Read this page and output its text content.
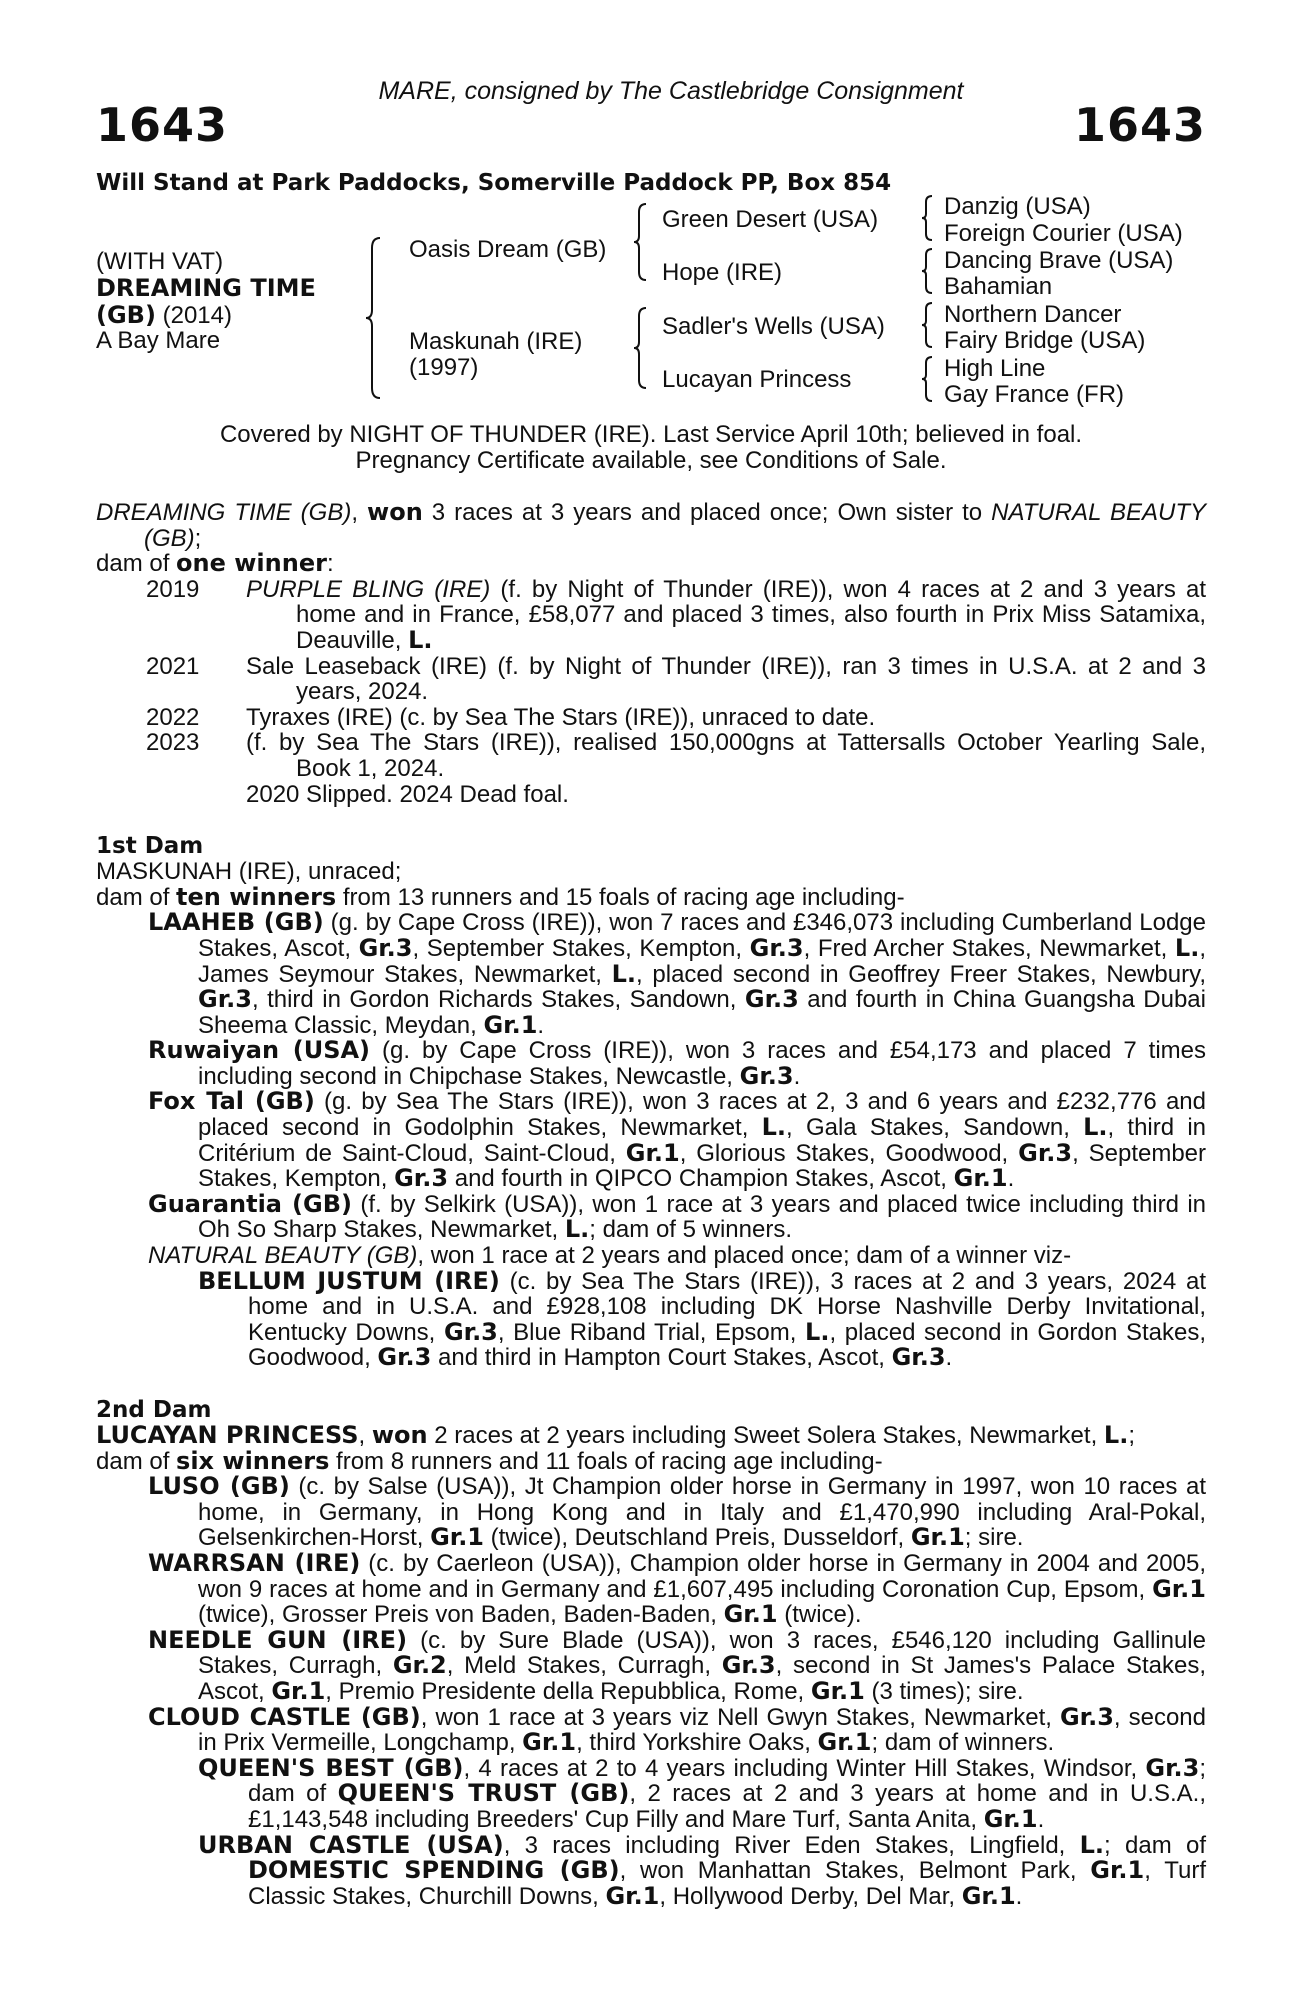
MARE, consigned by The Castlebridge Consignment
1643	1643
Will Stand at Park Paddocks, Somerville Paddock PP, Box 854
(WITH VAT)
DREAMING TIME
(GB) (2014)
A Bay Mare
Oasis Dream (GB)
Maskunah (IRE)
(1997)
Green Desert (USA)
Hope (IRE)
Sadler's Wells (USA)
Lucayan Princess
Danzig (USA)
Foreign Courier (USA)
Dancing Brave (USA)
Bahamian
Northern Dancer
Fairy Bridge (USA)
High Line
Gay France (FR)
Covered by NIGHT OF THUNDER (IRE). Last Service April 10th; believed in foal.
Pregnancy Certificate available, see Conditions of Sale.

DREAMING TIME (GB), won 3 races at 3 years and placed once; Own sister to NATURAL BEAUTY (GB);

dam of one winner:

2019	PURPLE BLING (IRE) (f. by Night of Thunder (IRE)), won 4 races at 2 and 3 years at home and in France, £58,077 and placed 3 times, also fourth in Prix Miss Satamixa, Deauville, L.
2021	Sale Leaseback (IRE) (f. by Night of Thunder (IRE)), ran 3 times in U.S.A. at 2 and 3 years, 2024.
2022	Tyraxes (IRE) (c. by Sea The Stars (IRE)), unraced to date.
2023	(f. by Sea The Stars (IRE)), realised 150,000gns at Tattersalls October Yearling Sale, Book 1, 2024.
2020 Slipped. 2024 Dead foal.
1st Dam

MASKUNAH (IRE), unraced;

dam of ten winners from 13 runners and 15 foals of racing age including-

LAAHEB (GB) (g. by Cape Cross (IRE)), won 7 races and £346,073 including Cumberland Lodge Stakes, Ascot, Gr.3, September Stakes, Kempton, Gr.3, Fred Archer Stakes, Newmarket, L., James Seymour Stakes, Newmarket, L., placed second in Geoffrey Freer Stakes, Newbury, Gr.3, third in Gordon Richards Stakes, Sandown, Gr.3 and fourth in China Guangsha Dubai Sheema Classic, Meydan, Gr.1.

Ruwaiyan (USA) (g. by Cape Cross (IRE)), won 3 races and £54,173 and placed 7 times including second in Chipchase Stakes, Newcastle, Gr.3.

Fox Tal (GB) (g. by Sea The Stars (IRE)), won 3 races at 2, 3 and 6 years and £232,776 and placed second in Godolphin Stakes, Newmarket, L., Gala Stakes, Sandown, L., third in Critérium de Saint-Cloud, Saint-Cloud, Gr.1, Glorious Stakes, Goodwood, Gr.3, September Stakes, Kempton, Gr.3 and fourth in QIPCO Champion Stakes, Ascot, Gr.1.

Guarantia (GB) (f. by Selkirk (USA)), won 1 race at 3 years and placed twice including third in Oh So Sharp Stakes, Newmarket, L.; dam of 5 winners.

NATURAL BEAUTY (GB), won 1 race at 2 years and placed once; dam of a winner viz-

BELLUM JUSTUM (IRE) (c. by Sea The Stars (IRE)), 3 races at 2 and 3 years, 2024 at home and in U.S.A. and £928,108 including DK Horse Nashville Derby Invitational, Kentucky Downs, Gr.3, Blue Riband Trial, Epsom, L., placed second in Gordon Stakes, Goodwood, Gr.3 and third in Hampton Court Stakes, Ascot, Gr.3.

2nd Dam

LUCAYAN PRINCESS, won 2 races at 2 years including Sweet Solera Stakes, Newmarket, L.;

dam of six winners from 8 runners and 11 foals of racing age including-

LUSO (GB) (c. by Salse (USA)), Jt Champion older horse in Germany in 1997, won 10 races at home, in Germany, in Hong Kong and in Italy and £1,470,990 including Aral-Pokal, Gelsenkirchen-Horst, Gr.1 (twice), Deutschland Preis, Dusseldorf, Gr.1; sire.

WARRSAN (IRE) (c. by Caerleon (USA)), Champion older horse in Germany in 2004 and 2005, won 9 races at home and in Germany and £1,607,495 including Coronation Cup, Epsom, Gr.1 (twice), Grosser Preis von Baden, Baden-Baden, Gr.1 (twice).

NEEDLE GUN (IRE) (c. by Sure Blade (USA)), won 3 races, £546,120 including Gallinule Stakes, Curragh, Gr.2, Meld Stakes, Curragh, Gr.3, second in St James's Palace Stakes, Ascot, Gr.1, Premio Presidente della Repubblica, Rome, Gr.1 (3 times); sire.

CLOUD CASTLE (GB), won 1 race at 3 years viz Nell Gwyn Stakes, Newmarket, Gr.3, second in Prix Vermeille, Longchamp, Gr.1, third Yorkshire Oaks, Gr.1; dam of winners.

QUEEN'S BEST (GB), 4 races at 2 to 4 years including Winter Hill Stakes, Windsor, Gr.3; dam of QUEEN'S TRUST (GB), 2 races at 2 and 3 years at home and in U.S.A., £1,143,548 including Breeders' Cup Filly and Mare Turf, Santa Anita, Gr.1.

URBAN CASTLE (USA), 3 races including River Eden Stakes, Lingfield, L.; dam of DOMESTIC SPENDING (GB), won Manhattan Stakes, Belmont Park, Gr.1, Turf Classic Stakes, Churchill Downs, Gr.1, Hollywood Derby, Del Mar, Gr.1.
